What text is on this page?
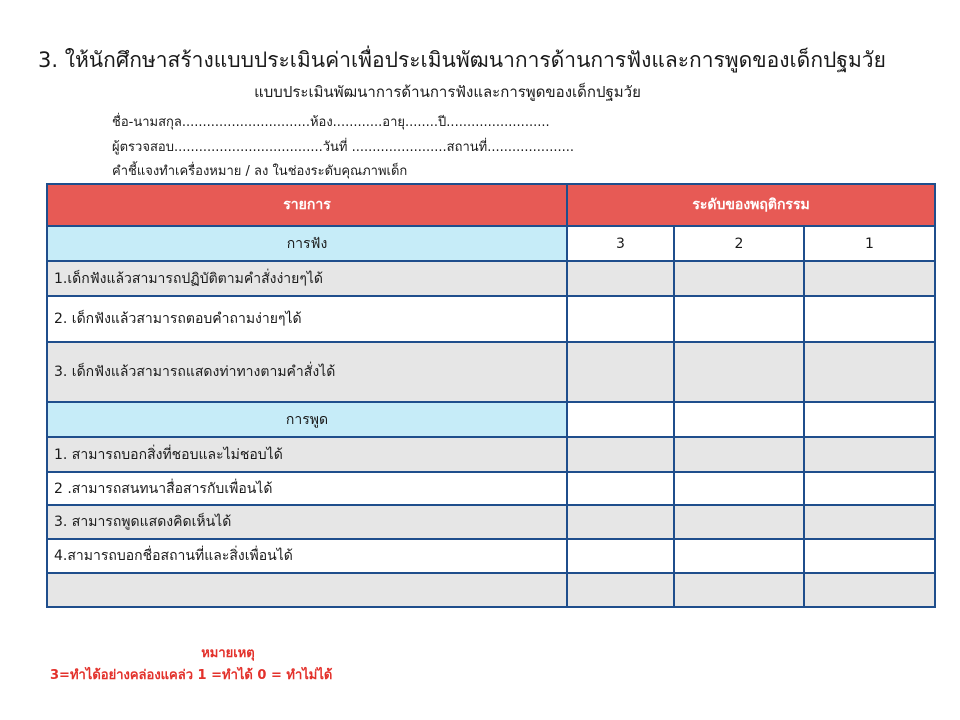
3. ให้นักศึกษาสร้างแบบประเมินค่าเพื่อประเมินพัฒนาการด้านการฟังและการพูดของเด็กปฐมวัย
แบบประเมินพัฒนาการด้านการฟังและการพูดของเด็กปฐมวัย
ชื่อ-นามสกุล...............................ห้อง............อายุ........ปี.........................
ผู้ตรวจสอบ....................................วันที่ .......................สถานที่.....................
คำชี้แจงทำเครื่องหมาย / ลง ในช่องระดับคุณภาพเด็ก
รายการ	ระดับของพฤติกรรม		
การฟัง	3	2	1
1.เด็กฟังแล้วสามารถปฏิบัติตามคำสั่งง่ายๆได้			
2. เด็กฟังแล้วสามารถตอบคำถามง่ายๆได้			
3. เด็กฟังแล้วสามารถแสดงท่าทางตามคำสั่งได้			
การพูด			
1. สามารถบอกสิ่งที่ชอบและไม่ชอบได้			
2 .สามารถสนทนาสื่อสารกับเพื่อนได้			
3. สามารถพูดแสดงคิดเห็นได้			
4.สามารถบอกชื่อสถานที่และสิ่งเพื่อนได้			

หมายเหตุ
3=ทำได้อย่างคล่องแคล่ว 1 =ทำได้ 0 = ทำไม่ได้
